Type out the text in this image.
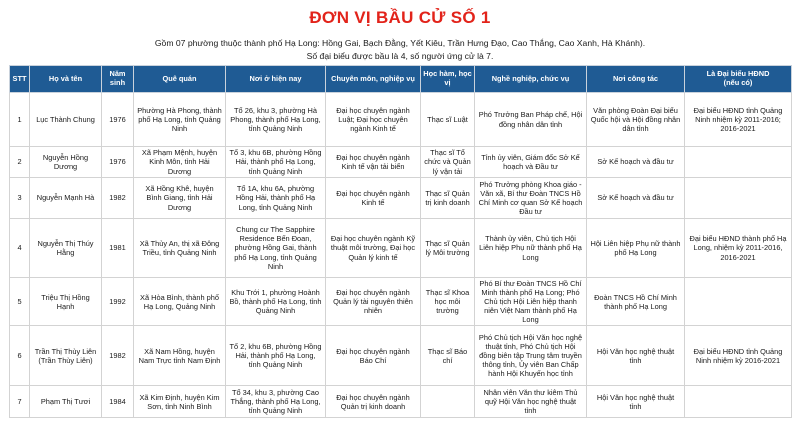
ĐƠN VỊ BẦU CỬ SỐ 1
Gồm 07 phường thuộc thành phố Hạ Long: Hồng Gai, Bạch Đằng, Yết Kiêu, Trần Hưng Đạo, Cao Thắng, Cao Xanh, Hà Khánh).
Số đại biểu được bầu là 4, số người ứng cử là 7.
STT	Họ và tên	Năm sinh	Quê quán	Nơi ở hiện nay	Chuyên môn, nghiệp vụ	Học hàm, học vị	Nghề nghiệp, chức vụ	Nơi công tác	Là Đại biểu HĐND
(nếu có)
1	Lục Thành Chung	1976	Phường Hà Phong, thành phố Hạ Long, tỉnh Quảng Ninh	Tổ 26, khu 3, phường Hà Phong, thành phố Hạ Long, tỉnh Quảng Ninh	Đại học chuyên ngành Luật; Đại học chuyên ngành Kinh tế	Thạc sĩ Luật	Phó Trưởng Ban Pháp chế, Hội đồng nhân dân tỉnh	Văn phòng Đoàn Đại biểu Quốc hội và Hội đồng nhân dân tỉnh	Đại biểu HĐND tỉnh Quảng Ninh nhiệm kỳ 2011-2016; 2016-2021
2	Nguyễn Hồng Dương	1976	Xã Phạm Mệnh, huyện Kinh Môn, tỉnh Hải Dương	Tổ 3, khu 6B, phường Hồng Hải, thành phố Hạ Long, tỉnh Quảng Ninh	Đại học chuyên ngành Kinh tế vận tải biển	Thạc sĩ Tổ chức và Quản lý vận tải	Tỉnh ủy viên, Giám đốc Sở Kế hoạch và Đầu tư	Sở Kế hoạch và đầu tư	
3	Nguyễn Mạnh Hà	1982	Xã Hồng Khê, huyện Bình Giang, tỉnh Hải Dương	Tổ 1A, khu 6A, phường Hồng Hải, thành phố Hạ Long, tỉnh Quảng Ninh	Đại học chuyên ngành Kinh tế	Thạc sĩ Quản trị kinh doanh	Phó Trưởng phòng Khoa giáo - Văn xã, Bí thư Đoàn TNCS Hồ Chí Minh cơ quan Sở Kế hoạch Đầu tư	Sở Kế hoạch và đầu tư	
4	Nguyễn Thị Thúy Hằng	1981	Xã Thủy An, thị xã Đông Triều, tỉnh Quảng Ninh	Chung cư The Sapphire Residence Bến Đoan, phường Hồng Gai, thành phố Hạ Long, tỉnh Quảng Ninh	Đại học chuyên ngành Kỹ thuật môi trường, Đại học Quản lý kinh tế	Thạc sĩ Quản lý Môi trường	Thành ủy viên, Chủ tịch Hội Liên hiệp Phụ nữ thành phố Hạ Long	Hội Liên hiệp Phụ nữ thành phố Hạ Long	Đại biểu HĐND thành phố Hạ Long, nhiệm kỳ 2011-2016, 2016-2021
5	Triệu Thị Hồng Hạnh	1992	Xã Hòa Bình, thành phố Hạ Long, Quảng Ninh	Khu Trới 1, phường Hoành Bồ, thành phố Hạ Long, tỉnh Quảng Ninh	Đại học chuyên ngành Quản lý tài nguyên thiên nhiên	Thạc sĩ Khoa học môi trường	Phó Bí thư Đoàn TNCS Hồ Chí Minh thành phố Hạ Long; Phó Chủ tịch Hội Liên hiệp thanh niên Việt Nam thành phố Hạ Long	Đoàn TNCS Hồ Chí Minh thành phố Hạ Long	
6	Trần Thị Thùy Liên (Trần Thùy Liên)	1982	Xã Nam Hồng, huyện Nam Trực tỉnh Nam Định	Tổ 2, khu 6B, phường Hồng Hải, thành phố Hạ Long, tỉnh Quảng Ninh	Đại học chuyên ngành Báo Chí	Thạc sĩ Báo chí	Phó Chủ tịch Hội Văn học nghệ thuật tỉnh, Phó Chủ tịch Hội đồng biên tập Trung tâm truyền thông tỉnh, Ủy viên Ban Chấp hành Hội Khuyến học tỉnh	Hội Văn học nghệ thuật tỉnh	Đại biểu HĐND tỉnh Quảng Ninh nhiệm kỳ 2016-2021
7	Phạm Thị Tươi	1984	Xã Kim Định, huyện Kim Sơn, tỉnh Ninh Bình	Tổ 34, khu 3, phường Cao Thắng, thành phố Hạ Long, tỉnh Quảng Ninh	Đại học chuyên ngành Quản trị kinh doanh		Nhân viên Văn thư kiêm Thủ quỹ Hội Văn học nghệ thuật tỉnh	Hội Văn học nghệ thuật tỉnh	
